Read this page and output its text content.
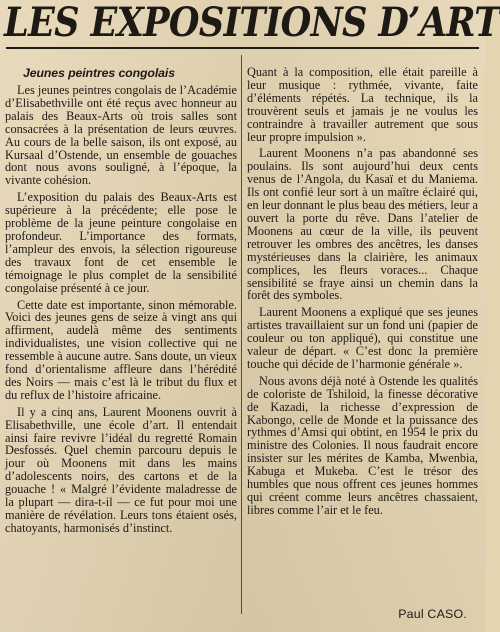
LES EXPOSITIONS D’ART
Jeunes peintres congolais

Les jeunes peintres congolais de l’Académie d’Elisabethville ont été reçus avec honneur au palais des Beaux-Arts où trois salles sont consacrées à la présentation de leurs œuvres. Au cours de la belle saison, ils ont exposé, au Kursaal d’Ostende, un ensemble de gouaches dont nous avons souligné, à l’époque, la vivante cohésion.

L’exposition du palais des Beaux-Arts est supérieure à la précédente; elle pose le problème de la jeune peinture congolaise en profondeur. L’importance des formats, l’ampleur des envois, la sélection rigoureuse des travaux font de cet ensemble le témoignage le plus complet de la sensibilité congolaise présenté à ce jour.

Cette date est importante, sinon mémorable. Voici des jeunes gens de seize à vingt ans qui affirment, audelà même des sentiments individualistes, une vision collective qui ne ressemble à aucune autre. Sans doute, un vieux fond d’orientalisme affleure dans l’hérédité des Noirs — mais c’est là le tribut du flux et du reflux de l’histoire africaine.

Il y a cinq ans, Laurent Moonens ouvrit à Elisabethville, une école d’art. Il entendait ainsi faire revivre l’idéal du regretté Romain Desfossés. Quel chemin parcouru depuis le jour où Moonens mit dans les mains d’adolescents noirs, des cartons et de la gouache ! « Malgré l’évidente maladresse de la plupart — dira-t-il — ce fut pour moi une manière de révélation. Leurs tons étaient osés, chatoyants, harmonisés d’instinct.

Quant à la composition, elle était pareille à leur musique : rythmée, vivante, faite d’éléments répétés. La technique, ils la trouvèrent seuls et jamais je ne voulus les contraindre à travailler autrement que sous leur propre impulsion ».

Laurent Moonens n’a pas abandonné ses poulains. Ils sont aujourd’hui deux cents venus de l’Angola, du Kasaï et du Maniema. Ils ont confié leur sort à un maître éclairé qui, en leur donnant le plus beau des métiers, leur a ouvert la porte du rêve. Dans l’atelier de Moonens au cœur de la ville, ils peuvent retrouver les ombres des ancêtres, les danses mystérieuses dans la clairière, les animaux complices, les fleurs voraces... Chaque sensibilité se fraye ainsi un chemin dans la forêt des symboles.

Laurent Moonens a expliqué que ses jeunes artistes travaillaient sur un fond uni (papier de couleur ou ton appliqué), qui constitue une valeur de départ. « C’est donc la première touche qui décide de l’harmonie générale ».

Nous avons déjà noté à Ostende les qualités de coloriste de Tshiloid, la finesse décorative de Kazadi, la richesse d’expression de Kabongo, celle de Monde et la puissance des rythmes d’Amsi qui obtint, en 1954 le prix du ministre des Colonies. Il nous faudrait encore insister sur les mérites de Kamba, Mwenbia, Kabuga et Mukeba. C’est le trésor des humbles que nous offrent ces jeunes hommes qui créent comme leurs ancêtres chassaient, libres comme l’air et le feu.

Paul CASO.
